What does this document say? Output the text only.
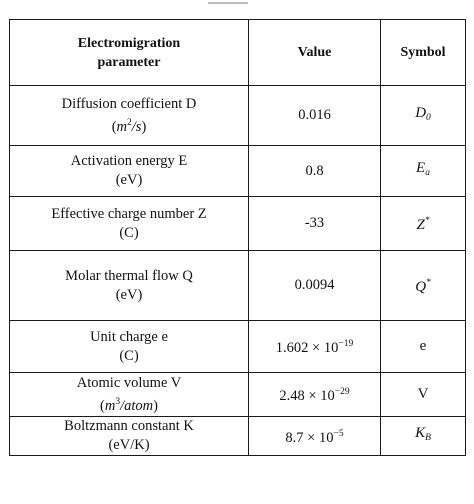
Electromigration
parameter	Value	Symbol

Diffusion coefficient D
$(m^2/s)$	0.016	$D_0$

Activation energy E
(eV)	0.8	$E_a$

Effective charge number Z
(C)	-33	Z*

Molar thermal flow Q
(eV)	0.0094	Q*

Unit charge e
(C)	$1.602 \times 10^{-19}$	e

Atomic volume V
$(m^3/atom)$	$2.48 \times 10^{-29}$	V

Boltzmann constant K
(eV/K)	$8.7 \times 10^{-5}$	$K_B$
